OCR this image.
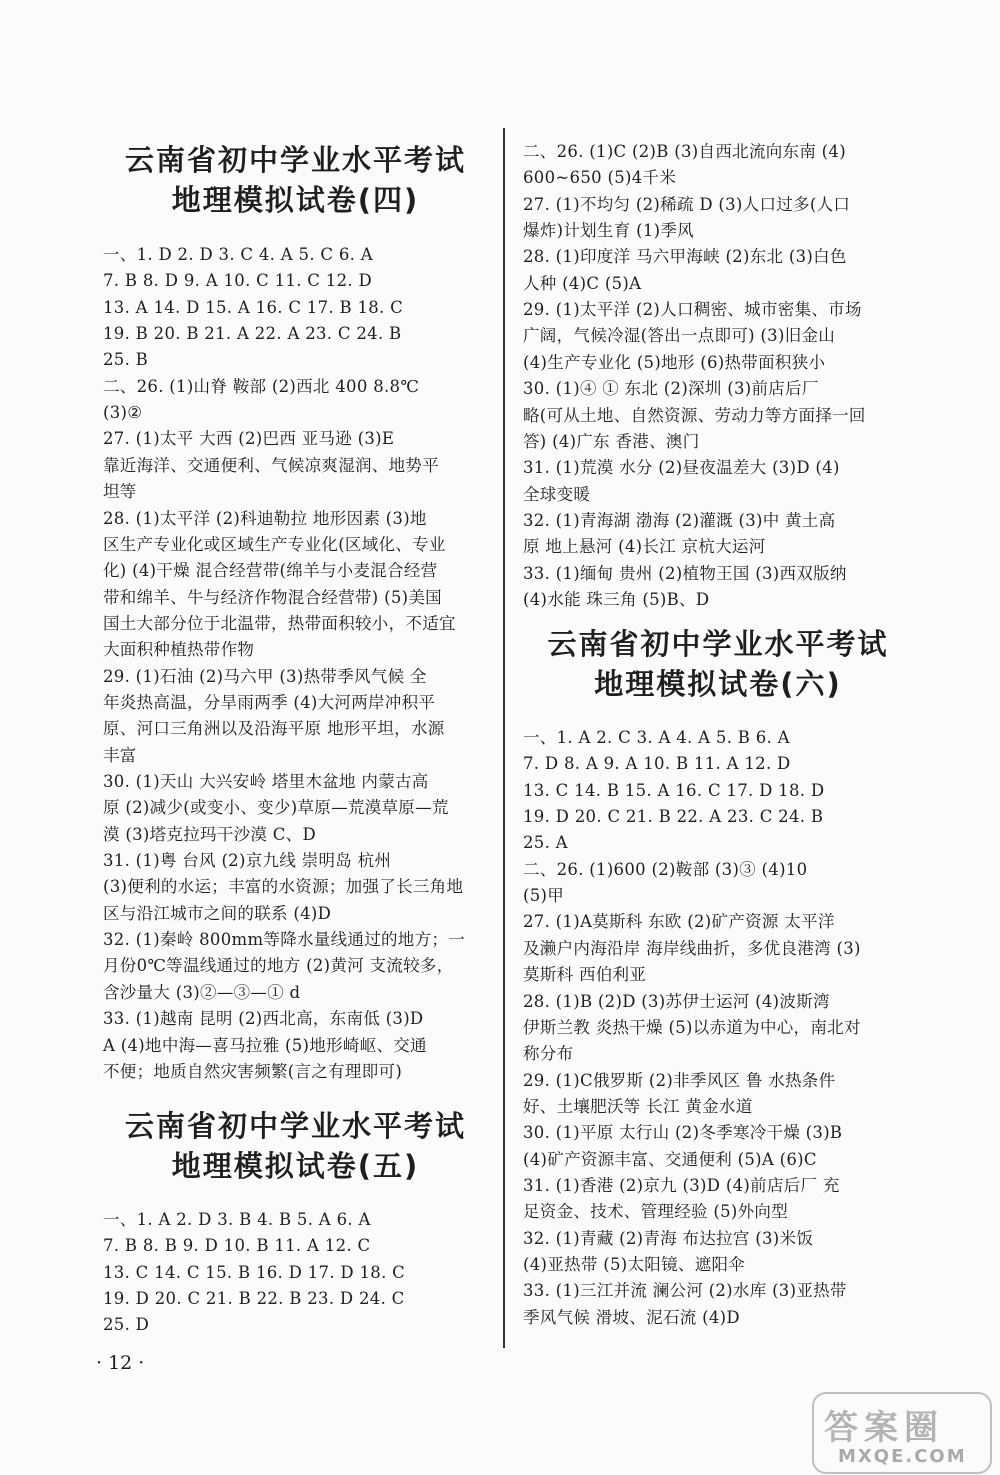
云南省初中学业水平考试
地理模拟试卷(四)
一、1. D 2. D 3. C 4. A 5. C 6. A
7. B 8. D 9. A 10. C 11. C 12. D
13. A 14. D 15. A 16. C 17. B 18. C
19. B 20. B 21. A 22. A 23. C 24. B
25. B
二、26. (1)山脊 鞍部 (2)西北 400 8.8℃
(3)②
27. (1)太平 大西 (2)巴西 亚马逊 (3)E
靠近海洋、交通便利、气候凉爽湿润、地势平
坦等
28. (1)太平洋 (2)科迪勒拉 地形因素 (3)地
区生产专业化或区域生产专业化(区域化、专业
化) (4)干燥 混合经营带(绵羊与小麦混合经营
带和绵羊、牛与经济作物混合经营带) (5)美国
国土大部分位于北温带，热带面积较小，不适宜
大面积种植热带作物
29. (1)石油 (2)马六甲 (3)热带季风气候 全
年炎热高温，分旱雨两季 (4)大河两岸冲积平
原、河口三角洲以及沿海平原 地形平坦，水源
丰富
30. (1)天山 大兴安岭 塔里木盆地 内蒙古高
原 (2)减少(或变小、变少)草原—荒漠草原—荒
漠 (3)塔克拉玛干沙漠 C、D
31. (1)粤 台风 (2)京九线 崇明岛 杭州
(3)便利的水运；丰富的水资源；加强了长三角地
区与沿江城市之间的联系 (4)D
32. (1)秦岭 800mm等降水量线通过的地方；一
月份0℃等温线通过的地方 (2)黄河 支流较多，
含沙量大 (3)②—③—① d
33. (1)越南 昆明 (2)西北高，东南低 (3)D
A (4)地中海—喜马拉雅 (5)地形崎岖、交通
不便；地质自然灾害频繁(言之有理即可)
云南省初中学业水平考试
地理模拟试卷(五)
一、1. A 2. D 3. B 4. B 5. A 6. A
7. B 8. B 9. D 10. B 11. A 12. C
13. C 14. C 15. B 16. D 17. D 18. C
19. D 20. C 21. B 22. B 23. D 24. C
25. D
二、26. (1)C (2)B (3)自西北流向东南 (4)
600~650 (5)4千米
27. (1)不均匀 (2)稀疏 D (3)人口过多(人口
爆炸)计划生育 (1)季风
28. (1)印度洋 马六甲海峡 (2)东北 (3)白色
人种 (4)C (5)A
29. (1)太平洋 (2)人口稠密、城市密集、市场
广阔，气候冷湿(答出一点即可) (3)旧金山
(4)生产专业化 (5)地形 (6)热带面积狭小
30. (1)④ ① 东北 (2)深圳 (3)前店后厂
略(可从土地、自然资源、劳动力等方面择一回
答) (4)广东 香港、澳门
31. (1)荒漠 水分 (2)昼夜温差大 (3)D (4)
全球变暖
32. (1)青海湖 渤海 (2)灌溉 (3)中 黄土高
原 地上悬河 (4)长江 京杭大运河
33. (1)缅甸 贵州 (2)植物王国 (3)西双版纳
(4)水能 珠三角 (5)B、D
云南省初中学业水平考试
地理模拟试卷(六)
一、1. A 2. C 3. A 4. A 5. B 6. A
7. D 8. A 9. A 10. B 11. A 12. D
13. C 14. B 15. A 16. C 17. D 18. D
19. D 20. C 21. B 22. A 23. C 24. B
25. A
二、26. (1)600 (2)鞍部 (3)③ (4)10
(5)甲
27. (1)A莫斯科 东欧 (2)矿产资源 太平洋
及濑户内海沿岸 海岸线曲折，多优良港湾 (3)
莫斯科 西伯利亚
28. (1)B (2)D (3)苏伊士运河 (4)波斯湾
伊斯兰教 炎热干燥 (5)以赤道为中心，南北对
称分布
29. (1)C俄罗斯 (2)非季风区 鲁 水热条件
好、土壤肥沃等 长江 黄金水道
30. (1)平原 太行山 (2)冬季寒冷干燥 (3)B
(4)矿产资源丰富、交通便利 (5)A (6)C
31. (1)香港 (2)京九 (3)D (4)前店后厂 充
足资金、技术、管理经验 (5)外向型
32. (1)青藏 (2)青海 布达拉宫 (3)米饭
(4)亚热带 (5)太阳镜、遮阳伞
33. (1)三江并流 澜公河 (2)水库 (3)亚热带
季风气候 滑坡、泥石流 (4)D
· 12 ·
答案圈
MXQE.COM
